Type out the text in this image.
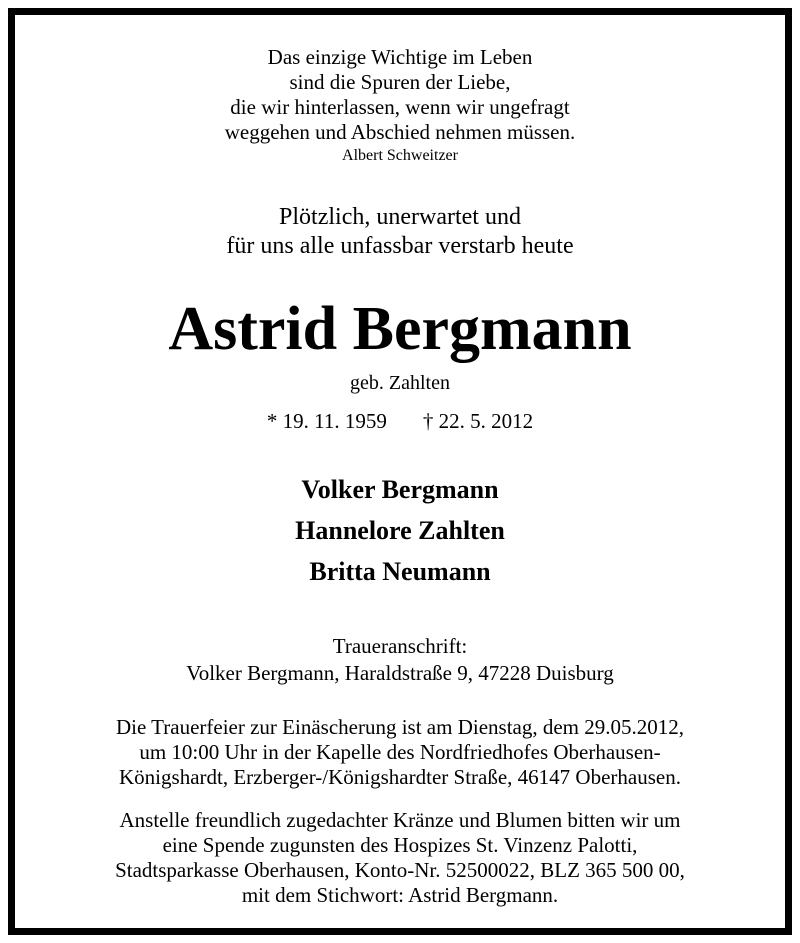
Das einzige Wichtige im Leben
sind die Spuren der Liebe,
die wir hinterlassen, wenn wir ungefragt
weggehen und Abschied nehmen müssen.
Albert Schweitzer
Plötzlich, unerwartet und
für uns alle unfassbar verstarb heute
Astrid Bergmann
geb. Zahlten
* 19. 11. 1959 † 22. 5. 2012
Volker Bergmann
Hannelore Zahlten
Britta Neumann
Traueranschrift:
Volker Bergmann, Haraldstraße 9, 47228 Duisburg
Die Trauerfeier zur Einäscherung ist am Dienstag, dem 29.05.2012,
um 10:00 Uhr in der Kapelle des Nordfriedhofes Oberhausen-
Königshardt, Erzberger-/Königshardter Straße, 46147 Oberhausen.
Anstelle freundlich zugedachter Kränze und Blumen bitten wir um
eine Spende zugunsten des Hospizes St. Vinzenz Palotti,
Stadtsparkasse Oberhausen, Konto-Nr. 52500022, BLZ 365 500 00,
mit dem Stichwort: Astrid Bergmann.
